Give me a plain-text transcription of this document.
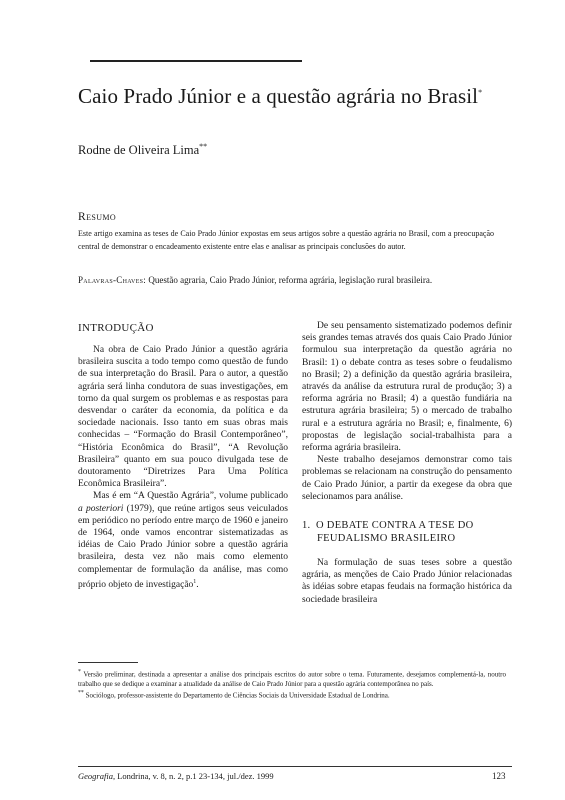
Caio Prado Júnior e a questão agrária no Brasil*
Rodne de Oliveira Lima**
Resumo
Este artigo examina as teses de Caio Prado Júnior expostas em seus artigos sobre a questão agrária no Brasil, com a preocupação central de demonstrar o encadeamento existente entre elas e analisar as principais conclusões do autor.
Palavras-Chaves: Questão agraria, Caio Prado Júnior, reforma agrária, legislação rural brasileira.
INTRODUÇÃO

Na obra de Caio Prado Júnior a questão agrária brasileira suscita a todo tempo como questão de fundo de sua interpretação do Brasil. Para o autor, a questão agrária será linha condutora de suas investigações, em torno da qual surgem os problemas e as respostas para desvendar o caráter da economia, da política e da sociedade nacionais. Isso tanto em suas obras mais conhecidas – “Formação do Brasil Contemporâneo”, “História Econômica do Brasil”, “A Revolução Brasileira” quanto em sua pouco divulgada tese de doutoramento “Diretrizes Para Uma Política Econômica Brasileira”.

Mas é em “A Questão Agrária”, volume publicado a posteriori (1979), que reúne artigos seus veiculados em periódico no período entre março de 1960 e janeiro de 1964, onde vamos encontrar sistematizadas as idéias de Caio Prado Júnior sobre a questão agrária brasileira, desta vez não mais como elemento complementar de formulação da análise, mas como próprio objeto de investigação$^1$.

De seu pensamento sistematizado podemos definir seis grandes temas através dos quais Caio Prado Júnior formulou sua interpretação da questão agrária no Brasil: 1) o debate contra as teses sobre o feudalismo no Brasil; 2) a definição da questão agrária brasileira, através da análise da estrutura rural de produção; 3) a reforma agrária no Brasil; 4) a questão fundiária na estrutura agrária brasileira; 5) o mercado de trabalho rural e a estrutura agrária no Brasil; e, finalmente, 6) propostas de legislação social-trabalhista para a reforma agrária brasileira.

Neste trabalho desejamos demonstrar como tais problemas se relacionam na construção do pensamento de Caio Prado Júnior, a partir da exegese da obra que selecionamos para análise.

1. O DEBATE CONTRA A TESE DO
FEUDALISMO BRASILEIRO

Na formulação de suas teses sobre a questão agrária, as menções de Caio Prado Júnior relacionadas às idéias sobre etapas feudais na formação histórica da sociedade brasileira

* Versão preliminar, destinada a apresentar a análise dos principais escritos do autor sobre o tema. Futuramente, desejamos complementá-la, noutro trabalho que se dedique a examinar a atualidade da análise de Caio Prado Júnior para a questão agrária contemporânea no país.
** Sociólogo, professor-assistente do Departamento de Ciências Sociais da Universidade Estadual de Londrina.
Geografia, Londrina, v. 8, n. 2, p.1 23-134, jul./dez. 1999	123
